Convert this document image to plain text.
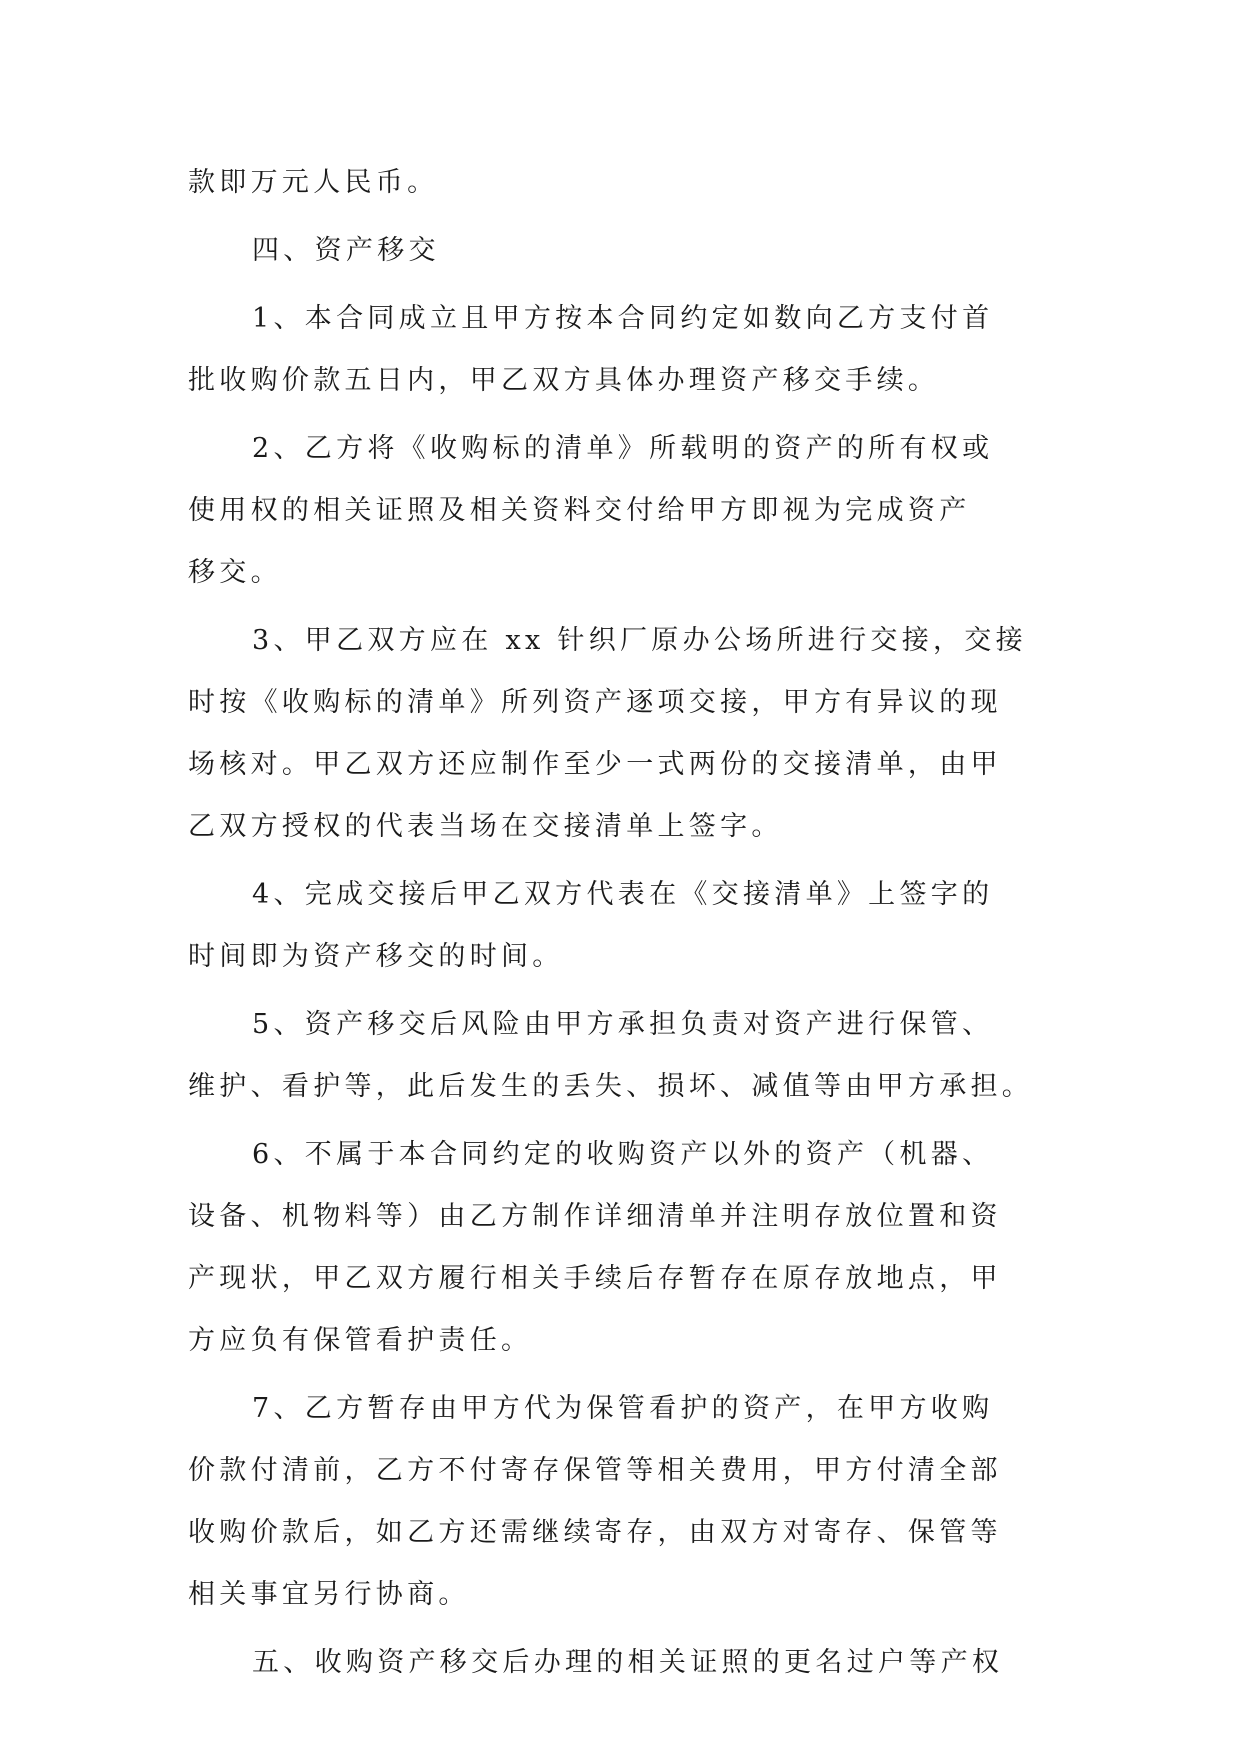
款即万元人民币。
四、资产移交
1、本合同成立且甲方按本合同约定如数向乙方支付首
批收购价款五日内，甲乙双方具体办理资产移交手续。
2、乙方将《收购标的清单》所载明的资产的所有权或
使用权的相关证照及相关资料交付给甲方即视为完成资产
移交。
3、甲乙双方应在 xx 针织厂原办公场所进行交接，交接
时按《收购标的清单》所列资产逐项交接，甲方有异议的现
场核对。甲乙双方还应制作至少一式两份的交接清单，由甲
乙双方授权的代表当场在交接清单上签字。
4、完成交接后甲乙双方代表在《交接清单》上签字的
时间即为资产移交的时间。
5、资产移交后风险由甲方承担负责对资产进行保管、
维护、看护等，此后发生的丢失、损坏、减值等由甲方承担。
6、不属于本合同约定的收购资产以外的资产（机器、
设备、机物料等）由乙方制作详细清单并注明存放位置和资
产现状，甲乙双方履行相关手续后存暂存在原存放地点，甲
方应负有保管看护责任。
7、乙方暂存由甲方代为保管看护的资产，在甲方收购
价款付清前，乙方不付寄存保管等相关费用，甲方付清全部
收购价款后，如乙方还需继续寄存，由双方对寄存、保管等
相关事宜另行协商。
五、收购资产移交后办理的相关证照的更名过户等产权
